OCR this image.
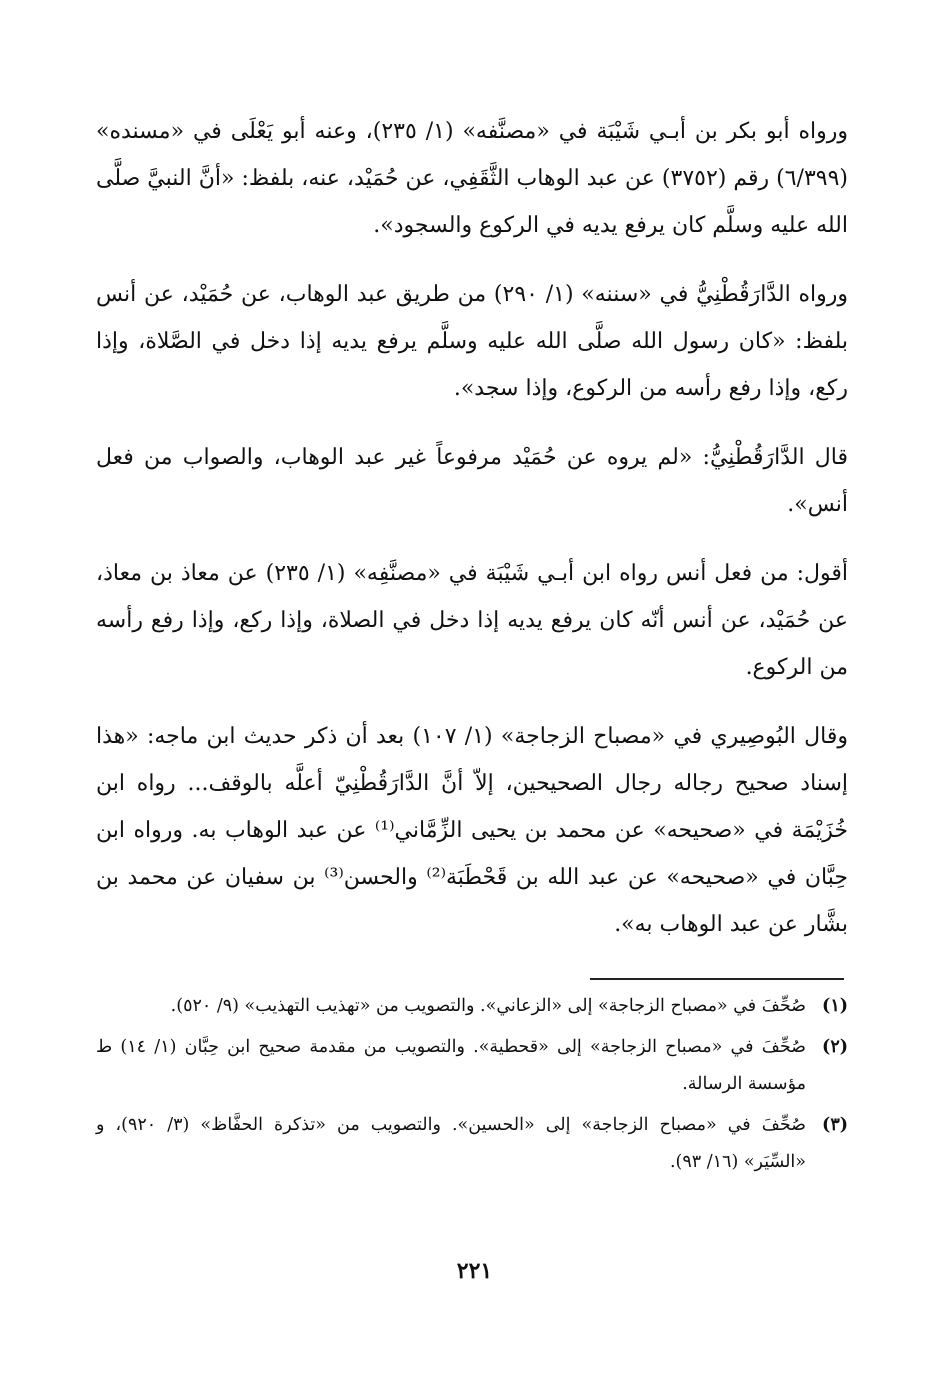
ورواه أبو بكر بن أبـي شَيْبَة في «مصنَّفه» (١/ ٢٣٥)، وعنه أبو يَعْلَى في «مسنده» (٦/٣٩٩) رقم (٣٧٥٢) عن عبد الوهاب الثَّقَفِي، عن حُمَيْد، عنه، بلفظ: «أنَّ النبيَّ صلَّى الله عليه وسلَّم كان يرفع يديه في الركوع والسجود».

ورواه الدَّارَقُطْنِيُّ في «سننه» (١/ ٢٩٠) من طريق عبد الوهاب، عن حُمَيْد، عن أنس بلفظ: «كان رسول الله صلَّى الله عليه وسلَّم يرفع يديه إذا دخل في الصَّلاة، وإذا ركع، وإذا رفع رأسه من الركوع، وإذا سجد».

قال الدَّارَقُطْنِيُّ: «لم يروه عن حُمَيْد مرفوعاً غير عبد الوهاب، والصواب من فعل أنس».

أقول: من فعل أنس رواه ابن أبـي شَيْبَة في «مصنَّفِه» (١/ ٢٣٥) عن معاذ بن معاذ، عن حُمَيْد، عن أنس أنّه كان يرفع يديه إذا دخل في الصلاة، وإذا ركع، وإذا رفع رأسه من الركوع.

وقال البُوصِيري في «مصباح الزجاجة» (١/ ١٠٧) بعد أن ذكر حديث ابن ماجه: «هذا إسناد صحيح رجاله رجال الصحيحين، إلاّ أنَّ الدَّارَقُطْنِيّ أعلَّه بالوقف... رواه ابن خُزَيْمَة في «صحيحه» عن محمد بن يحيى الزِّمَّاني⁽¹⁾ عن عبد الوهاب به. ورواه ابن حِبَّان في «صحيحه» عن عبد الله بن قَحْطَبَة⁽²⁾ والحسن⁽³⁾ بن سفيان عن محمد بن بشَّار عن عبد الوهاب به».

(١)
صُحِّفَ في «مصباح الزجاجة» إلى «الزعاني». والتصويب من «تهذيب التهذيب» (٩/ ٥٢٠).
(٢)
صُحِّفَ في «مصباح الزجاجة» إلى «قحطية». والتصويب من مقدمة صحيح ابن حِبَّان (١/ ١٤) ط مؤسسة الرسالة.
(٣)
صُحِّفَ في «مصباح الزجاجة» إلى «الحسين». والتصويب من «تذكرة الحفَّاظ» (٣/ ٩٢٠)، و «السِّيَر» (١٦/ ٩٣).
٢٢١
